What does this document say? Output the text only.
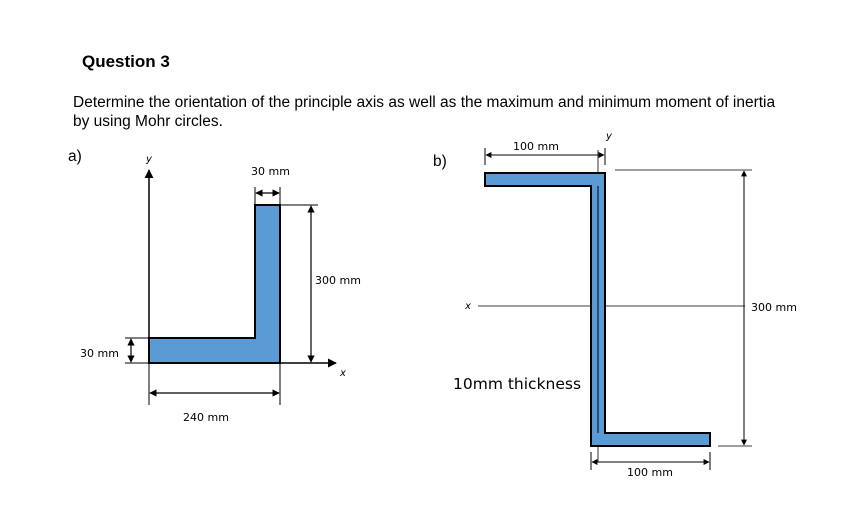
Question 3
Determine the orientation of the principle axis as well as the maximum and minimum moment of inertia
by using Mohr circles.
a)	b)
10mm thickness
y
x
30 mm
300 mm
30 mm
240 mm
x
y
100 mm
300 mm
100 mm
